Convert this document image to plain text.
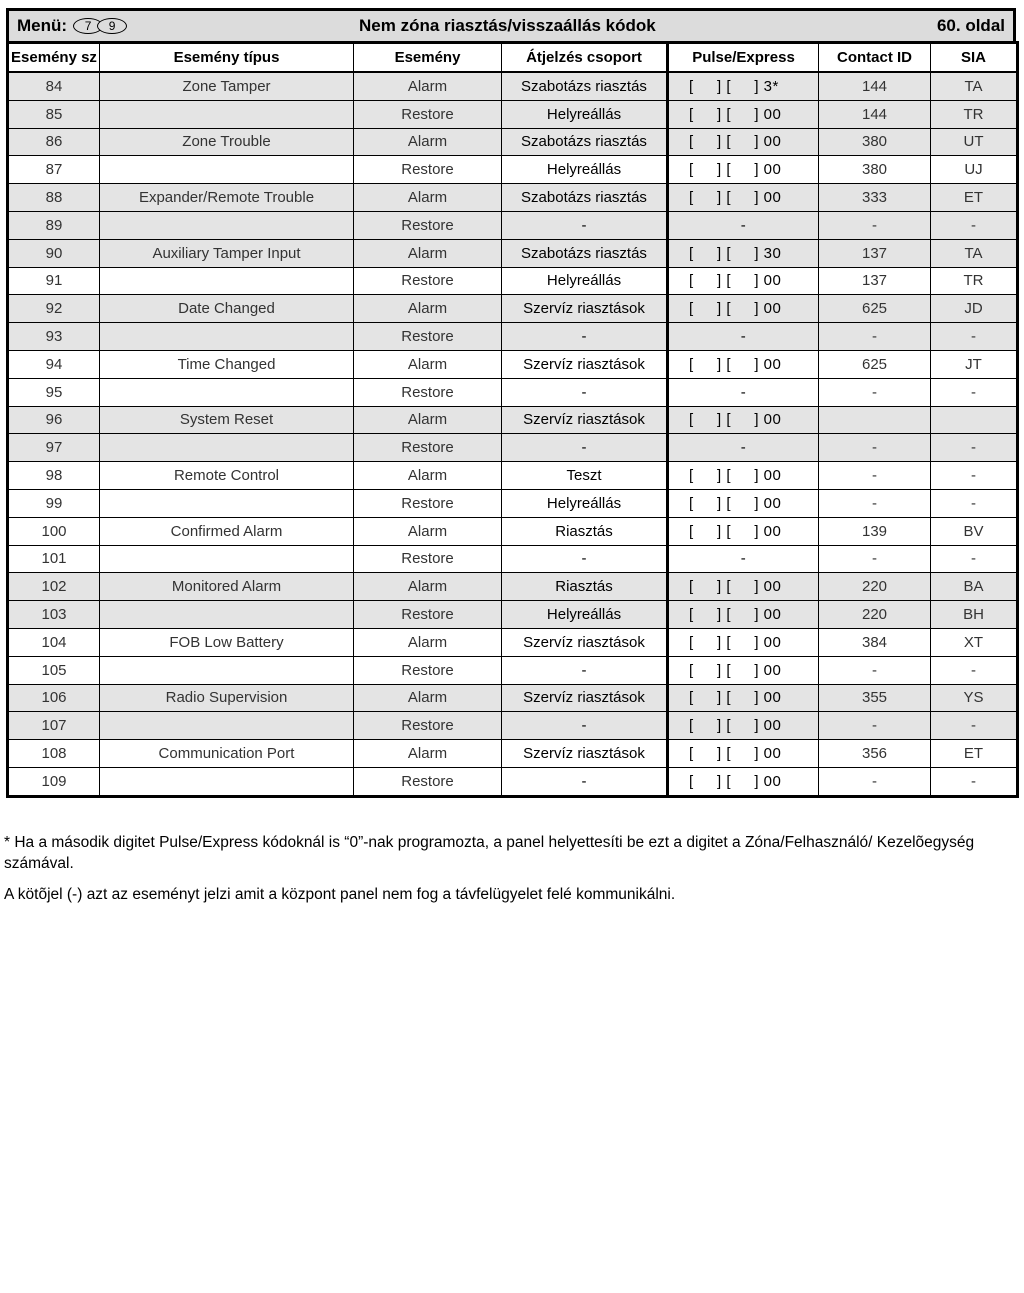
Menü:	7	9	Nem zóna riasztás/visszaállás kódok	60. oldal
Esemény sz	Esemény típus	Esemény	Átjelzés csoport	Pulse/Express	Contact ID	SIA
84	Zone Tamper	Alarm	Szabotázs riasztás	[     ] [     ] 3*	144	TA
85		Restore	Helyreállás	[     ] [     ] 00	144	TR
86	Zone Trouble	Alarm	Szabotázs riasztás	[     ] [     ] 00	380	UT
87		Restore	Helyreállás	[     ] [     ] 00	380	UJ
88	Expander/Remote Trouble	Alarm	Szabotázs riasztás	[     ] [     ] 00	333	ET
89		Restore	-	-	-	-
90	Auxiliary Tamper Input	Alarm	Szabotázs riasztás	[     ] [     ] 30	137	TA
91		Restore	Helyreállás	[     ] [     ] 00	137	TR
92	Date Changed	Alarm	Szervíz riasztások	[     ] [     ] 00	625	JD
93		Restore	-	-	-	-
94	Time Changed	Alarm	Szervíz riasztások	[     ] [     ] 00	625	JT
95		Restore	-	-	-	-
96	System Reset	Alarm	Szervíz riasztások	[     ] [     ] 00		
97		Restore	-	-	-	-
98	Remote Control	Alarm	Teszt	[     ] [     ] 00	-	-
99		Restore	Helyreállás	[     ] [     ] 00	-	-
100	Confirmed Alarm	Alarm	Riasztás	[     ] [     ] 00	139	BV
101		Restore	-	-	-	-
102	Monitored Alarm	Alarm	Riasztás	[     ] [     ] 00	220	BA
103		Restore	Helyreállás	[     ] [     ] 00	220	BH
104	FOB Low Battery	Alarm	Szervíz riasztások	[     ] [     ] 00	384	XT
105		Restore	-	[     ] [     ] 00	-	-
106	Radio Supervision	Alarm	Szervíz riasztások	[     ] [     ] 00	355	YS
107		Restore	-	[     ] [     ] 00	-	-
108	Communication Port	Alarm	Szervíz riasztások	[     ] [     ] 00	356	ET
109		Restore	-	[     ] [     ] 00	-	-

* Ha a második digitet Pulse/Express kódoknál is “0”-nak programozta, a panel helyettesíti be ezt a digitet a Zóna/Felhasználó/ Kezelõegység számával.

A kötõjel (-) azt az eseményt jelzi amit a központ panel nem fog a távfelügyelet felé kommunikálni.
